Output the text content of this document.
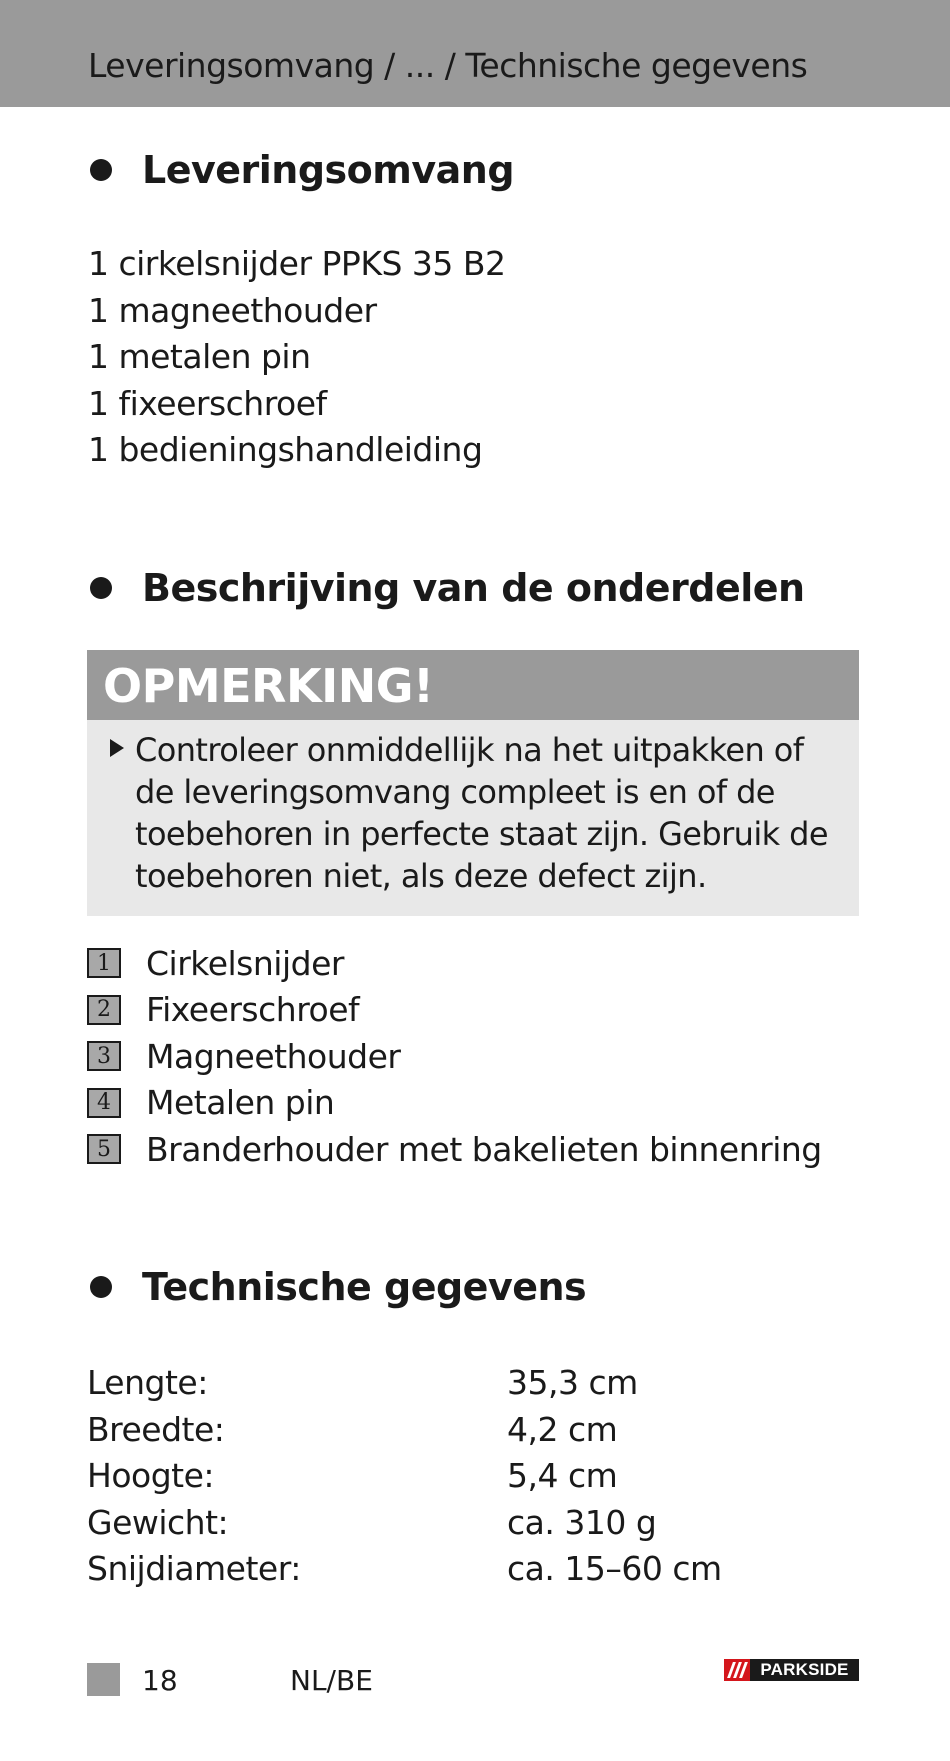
Leveringsomvang / ... / Technische gegevens
Leveringsomvang
1 cirkelsnijder PPKS 35 B2
1 magneethouder
1 metalen pin
1 fixeerschroef
1 bedieningshandleiding
Beschrijving van de onderdelen
OPMERKING!
Controleer onmiddellijk na het uitpakken of
de leveringsomvang compleet is en of de
toebehoren in perfecte staat zijn. Gebruik de
toebehoren niet, als deze defect zijn.
1	Cirkelsnijder
2	Fixeerschroef
3	Magneethouder
4	Metalen pin
5	Branderhouder met bakelieten binnenring
Technische gegevens
Lengte:	35,3 cm
Breedte:	4,2 cm
Hoogte:	5,4 cm
Gewicht:	ca. 310 g
Snijdiameter:	ca. 15–60 cm
18	NL/BE	PARKSIDE
